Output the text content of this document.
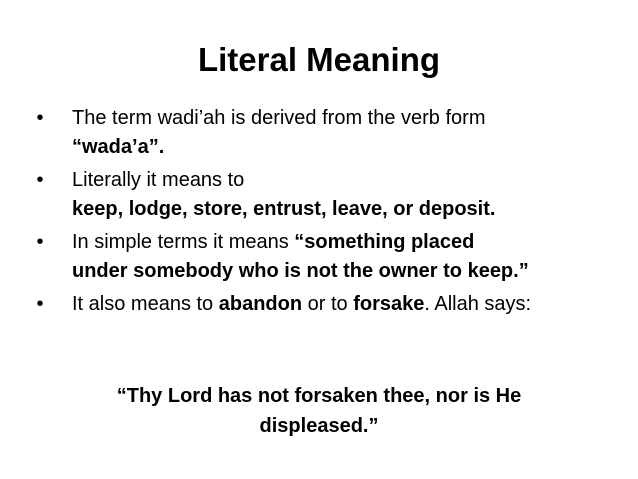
Literal Meaning
• The term wadi’ah is derived from the verb form
“wada’a”.
• Literally it means to
keep, lodge, store, entrust, leave, or deposit.
• In simple terms it means “something placed
under somebody who is not the owner to keep.”
• It also means to abandon or to forsake. Allah says:
“Thy Lord has not forsaken thee, nor is He
displeased.”
